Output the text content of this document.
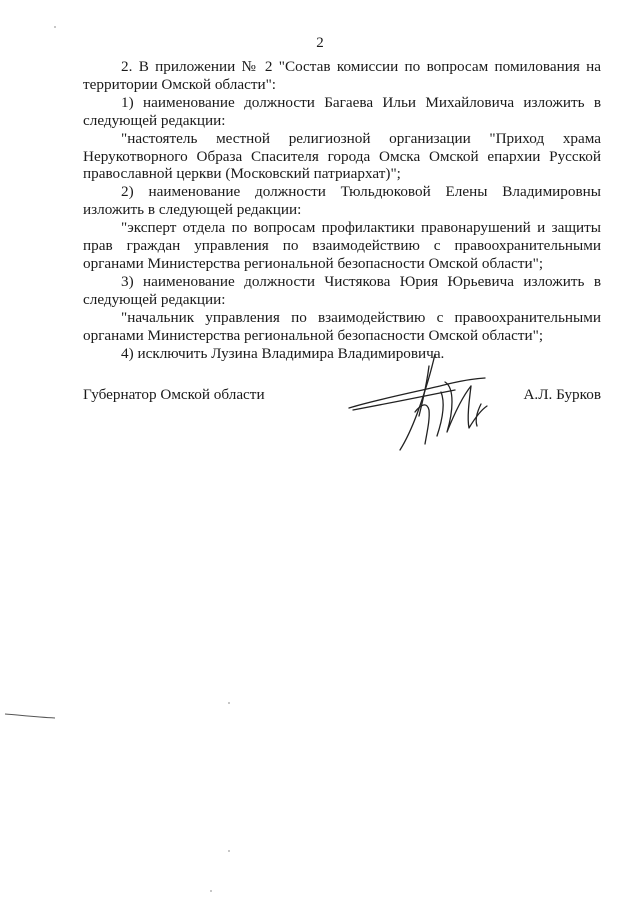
2

2. В приложении № 2 "Состав комиссии по вопросам помилования на территории Омской области":

1) наименование должности Багаева Ильи Михайловича изложить в следующей редакции:

"настоятель местной религиозной организации "Приход храма Нерукотворного Образа Спасителя города Омска Омской епархии Русской православной церкви (Московский патриархат)";

2) наименование должности Тюльдюковой Елены Владимировны изложить в следующей редакции:

"эксперт отдела по вопросам профилактики правонарушений и защиты прав граждан управления по взаимодействию с правоохранительными органами Министерства региональной безопасности Омской области";

3) наименование должности Чистякова Юрия Юрьевича изложить в следующей редакции:

"начальник управления по взаимодействию с правоохранительными органами Министерства региональной безопасности Омской области";

4) исключить Лузина Владимира Владимировича.

Губернатор Омской области	А.Л. Бурков
